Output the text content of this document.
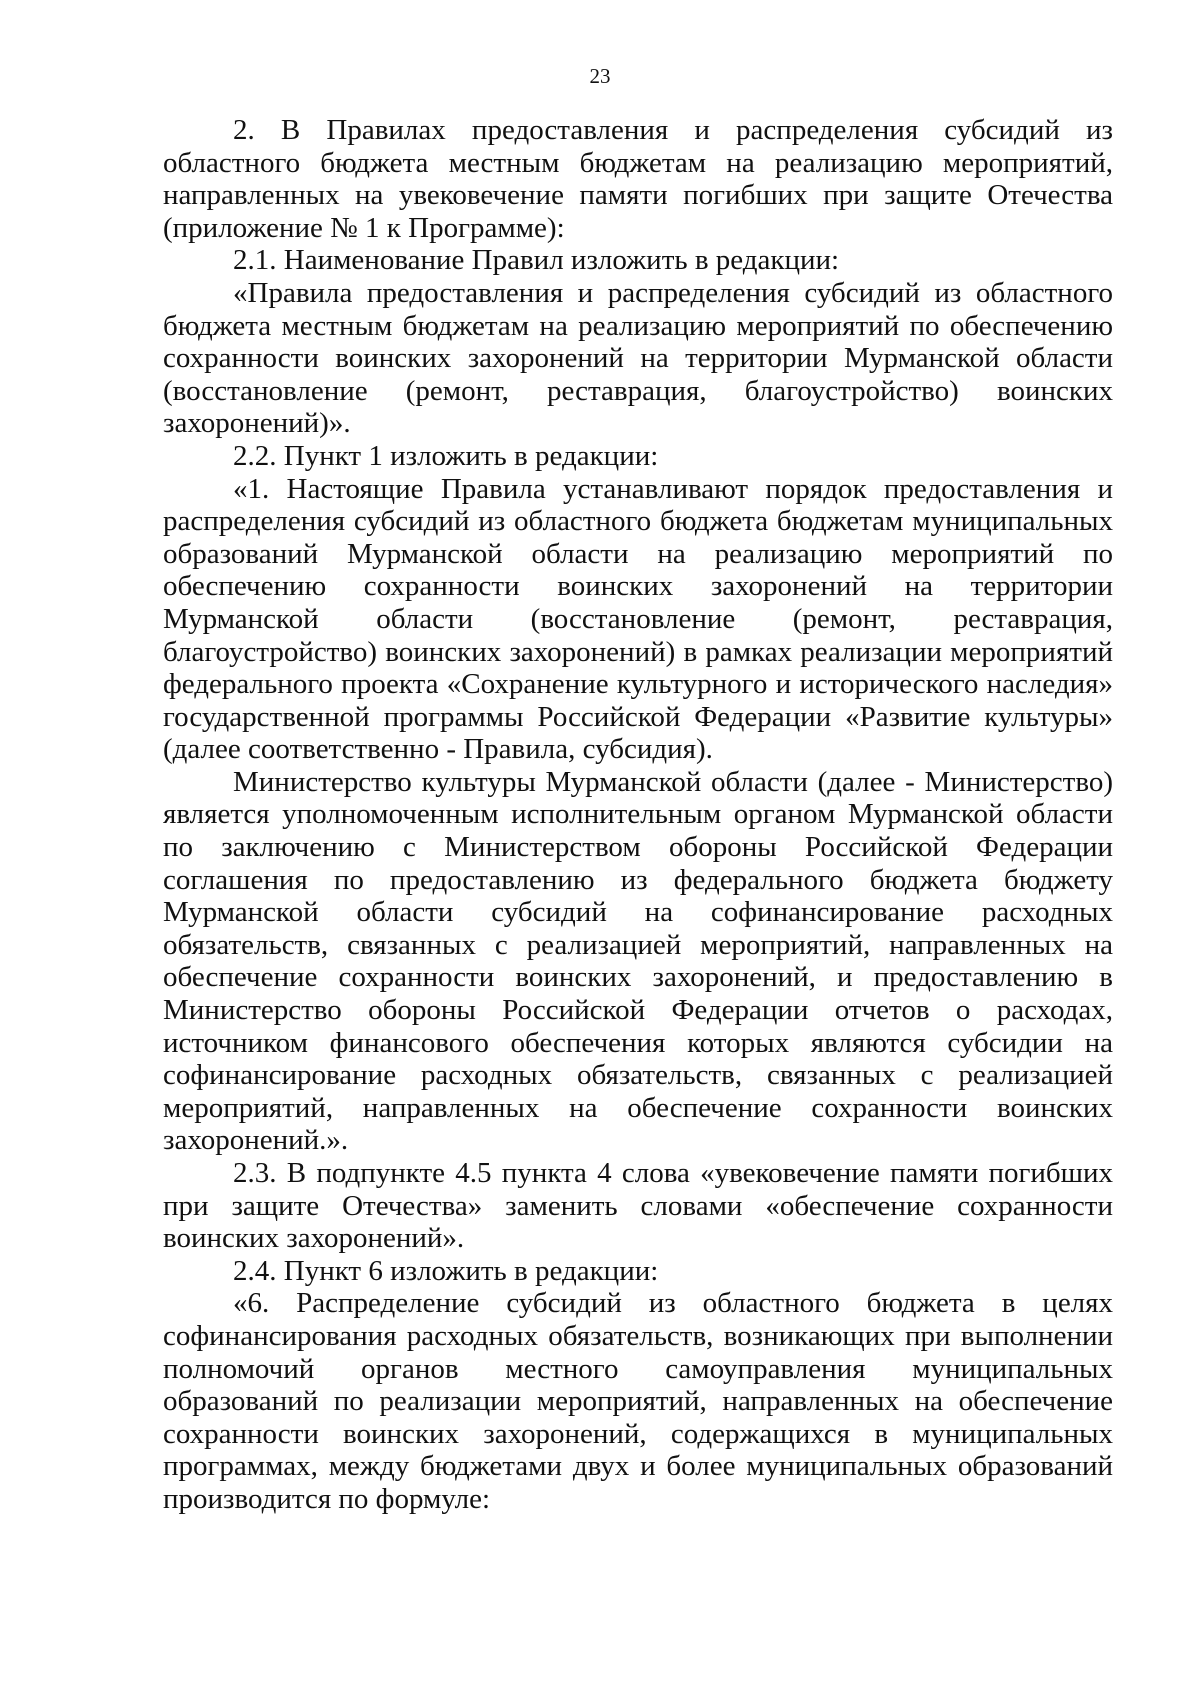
23

2. В Правилах предоставления и распределения субсидий из областного бюджета местным бюджетам на реализацию мероприятий, направленных на увековечение памяти погибших при защите Отечества (приложение № 1 к Программе):

2.1. Наименование Правил изложить в редакции:

«Правила предоставления и распределения субсидий из областного бюджета местным бюджетам на реализацию мероприятий по обеспечению сохранности воинских захоронений на территории Мурманской области (восстановление (ремонт, реставрация, благоустройство) воинских захоронений)».

2.2. Пункт 1 изложить в редакции:

«1. Настоящие Правила устанавливают порядок предоставления и распределения субсидий из областного бюджета бюджетам муниципальных образований Мурманской области на реализацию мероприятий по обеспечению сохранности воинских захоронений на территории Мурманской области (восстановление (ремонт, реставрация, благоустройство) воинских захоронений) в рамках реализации мероприятий федерального проекта «Сохранение культурного и исторического наследия» государственной программы Российской Федерации «Развитие культуры» (далее соответственно - Правила, субсидия).

Министерство культуры Мурманской области (далее - Министерство) является уполномоченным исполнительным органом Мурманской области по заключению с Министерством обороны Российской Федерации соглашения по предоставлению из федерального бюджета бюджету Мурманской области субсидий на софинансирование расходных обязательств, связанных с реализацией мероприятий, направленных на обеспечение сохранности воинских захоронений, и предоставлению в Министерство обороны Российской Федерации отчетов о расходах, источником финансового обеспечения которых являются субсидии на софинансирование расходных обязательств, связанных с реализацией мероприятий, направленных на обеспечение сохранности воинских захоронений.».

2.3. В подпункте 4.5 пункта 4 слова «увековечение памяти погибших при защите Отечества» заменить словами «обеспечение сохранности воинских захоронений».

2.4. Пункт 6 изложить в редакции:

«6. Распределение субсидий из областного бюджета в целях софинансирования расходных обязательств, возникающих при выполнении полномочий органов местного самоуправления муниципальных образований по реализации мероприятий, направленных на обеспечение сохранности воинских захоронений, содержащихся в муниципальных программах, между бюджетами двух и более муниципальных образований производится по формуле:
